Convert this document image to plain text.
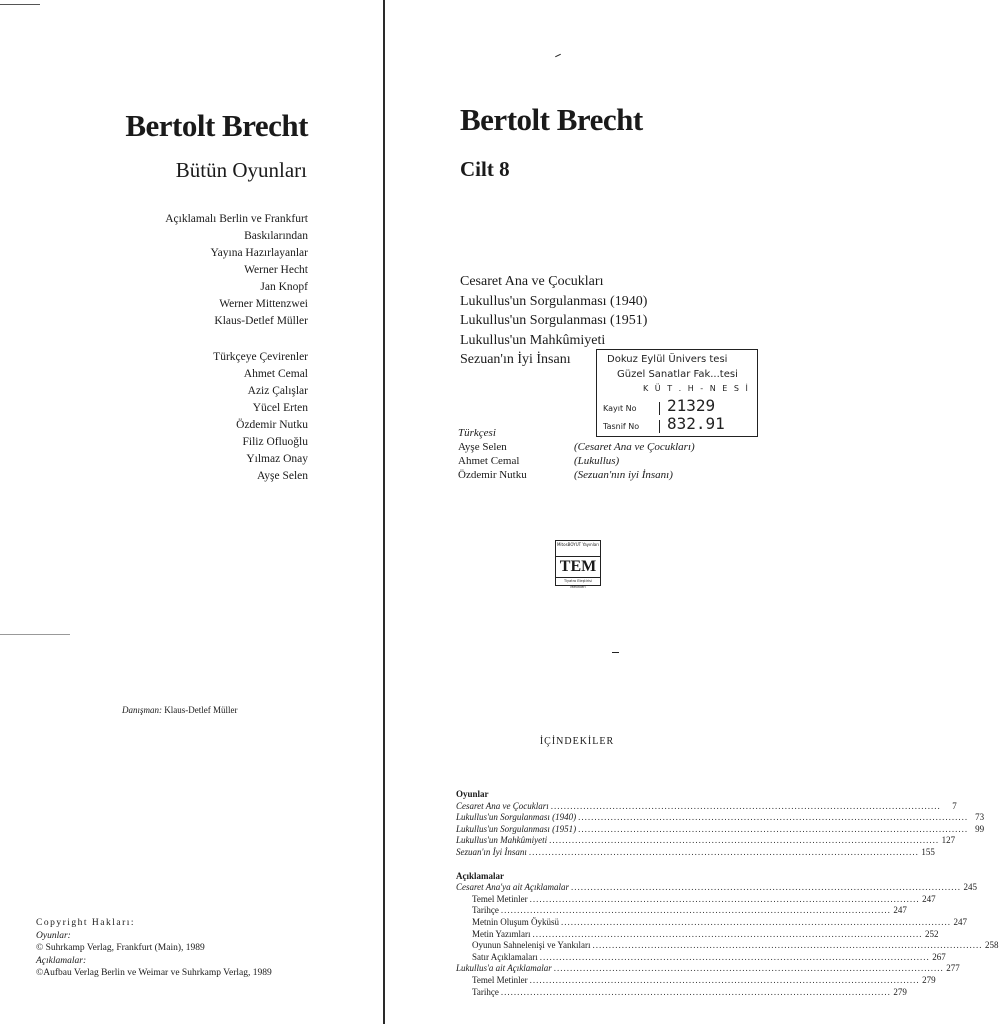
Bertolt Brecht
Bütün Oyunları
Açıklamalı Berlin ve Frankfurt
Baskılarından
Yayına Hazırlayanlar
Werner Hecht
Jan Knopf
Werner Mittenzwei
Klaus-Detlef Müller
Türkçeye Çevirenler
Ahmet Cemal
Aziz Çalışlar
Yücel Erten
Özdemir Nutku
Filiz Ofluoğlu
Yılmaz Onay
Ayşe Selen
Danışman: Klaus-Detlef Müller
Copyright Hakları:
Oyunlar:
© Suhrkamp Verlag, Frankfurt (Main), 1989
Açıklamalar:
©Aufbau Verlag Berlin ve Weimar ve Suhrkamp Verlag, 1989
Bertolt Brecht
Cilt 8
Cesaret Ana ve Çocukları
Lukullus'un Sorgulanması (1940)
Lukullus'un Sorgulanması (1951)
Lukullus'un Mahkûmiyeti
Sezuan'ın İyi İnsanı
Türkçesi
Ayşe Selen	(Cesaret Ana ve Çocukları)
Ahmet Cemal	(Lukullus)
Özdemir Nutku	(Sezuan'nın iyi İnsanı)
İÇİNDEKİLER
Oyunlar
Cesaret Ana ve Çocukları ........................................................................................................................	7
Lukullus'un Sorgulanması (1940) ........................................................................................................................ 73
Lukullus'un Sorgulanması (1951) ........................................................................................................................ 99
Lukullus'un Mahkûmiyeti ........................................................................................................................ 127
Sezuan'ın İyi İnsanı ........................................................................................................................ 155
Açıklamalar
Cesaret Ana'ya ait Açıklamalar ........................................................................................................................ 245
Temel Metinler ........................................................................................................................ 247
Tarihçe ........................................................................................................................ 247
Metnin Oluşum Öyküsü ........................................................................................................................ 247
Metin Yazımları ........................................................................................................................ 252
Oyunun Sahnelenişi ve Yankıları ........................................................................................................................ 258
Satır Açıklamaları ........................................................................................................................ 267
Lukullus'a ait Açıklamalar ........................................................................................................................ 277
Temel Metinler ........................................................................................................................ 279
Tarihçe ........................................................................................................................ 279
Dokuz Eylül Ünivers tesi
Güzel Sanatlar Fak...tesi
K Ü T . H - N E S İ
Kayıt No 21329
Tasnif No 832.91
MitosBOYUT Yayınları
TEM
Tiyatro Eleştirisi Metinleri
